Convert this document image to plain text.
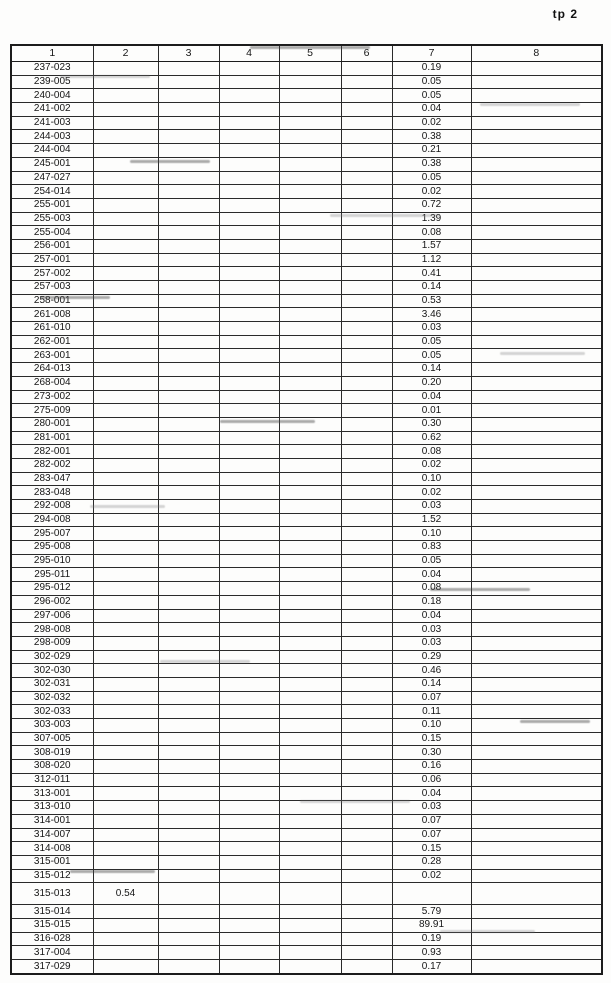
tp 2
1	2	3	4	5	6	7	8
237-023						0.19	
239-005						0.05	
240-004						0.05	
241-002						0.04	
241-003						0.02	
244-003						0.38	
244-004						0.21	
245-001						0.38	
247-027						0.05	
254-014						0.02	
255-001						0.72	
255-003						1.39	
255-004						0.08	
256-001						1.57	
257-001						1.12	
257-002						0.41	
257-003						0.14	
258-001						0.53	
261-008						3.46	
261-010						0.03	
262-001						0.05	
263-001						0.05	
264-013						0.14	
268-004						0.20	
273-002						0.04	
275-009						0.01	
280-001						0.30	
281-001						0.62	
282-001						0.08	
282-002						0.02	
283-047						0.10	
283-048						0.02	
292-008						0.03	
294-008						1.52	
295-007						0.10	
295-008						0.83	
295-010						0.05	
295-011						0.04	
295-012						0.08	
296-002						0.18	
297-006						0.04	
298-008						0.03	
298-009						0.03	
302-029						0.29	
302-030						0.46	
302-031						0.14	
302-032						0.07	
302-033						0.11	
303-003						0.10	
307-005						0.15	
308-019						0.30	
308-020						0.16	
312-011						0.06	
313-001						0.04	
313-010						0.03	
314-001						0.07	
314-007						0.07	
314-008						0.15	
315-001						0.28	
315-012						0.02	
315-013	0.54						
315-014						5.79	
315-015						89.91	
316-028						0.19	
317-004						0.93	
317-029						0.17	
